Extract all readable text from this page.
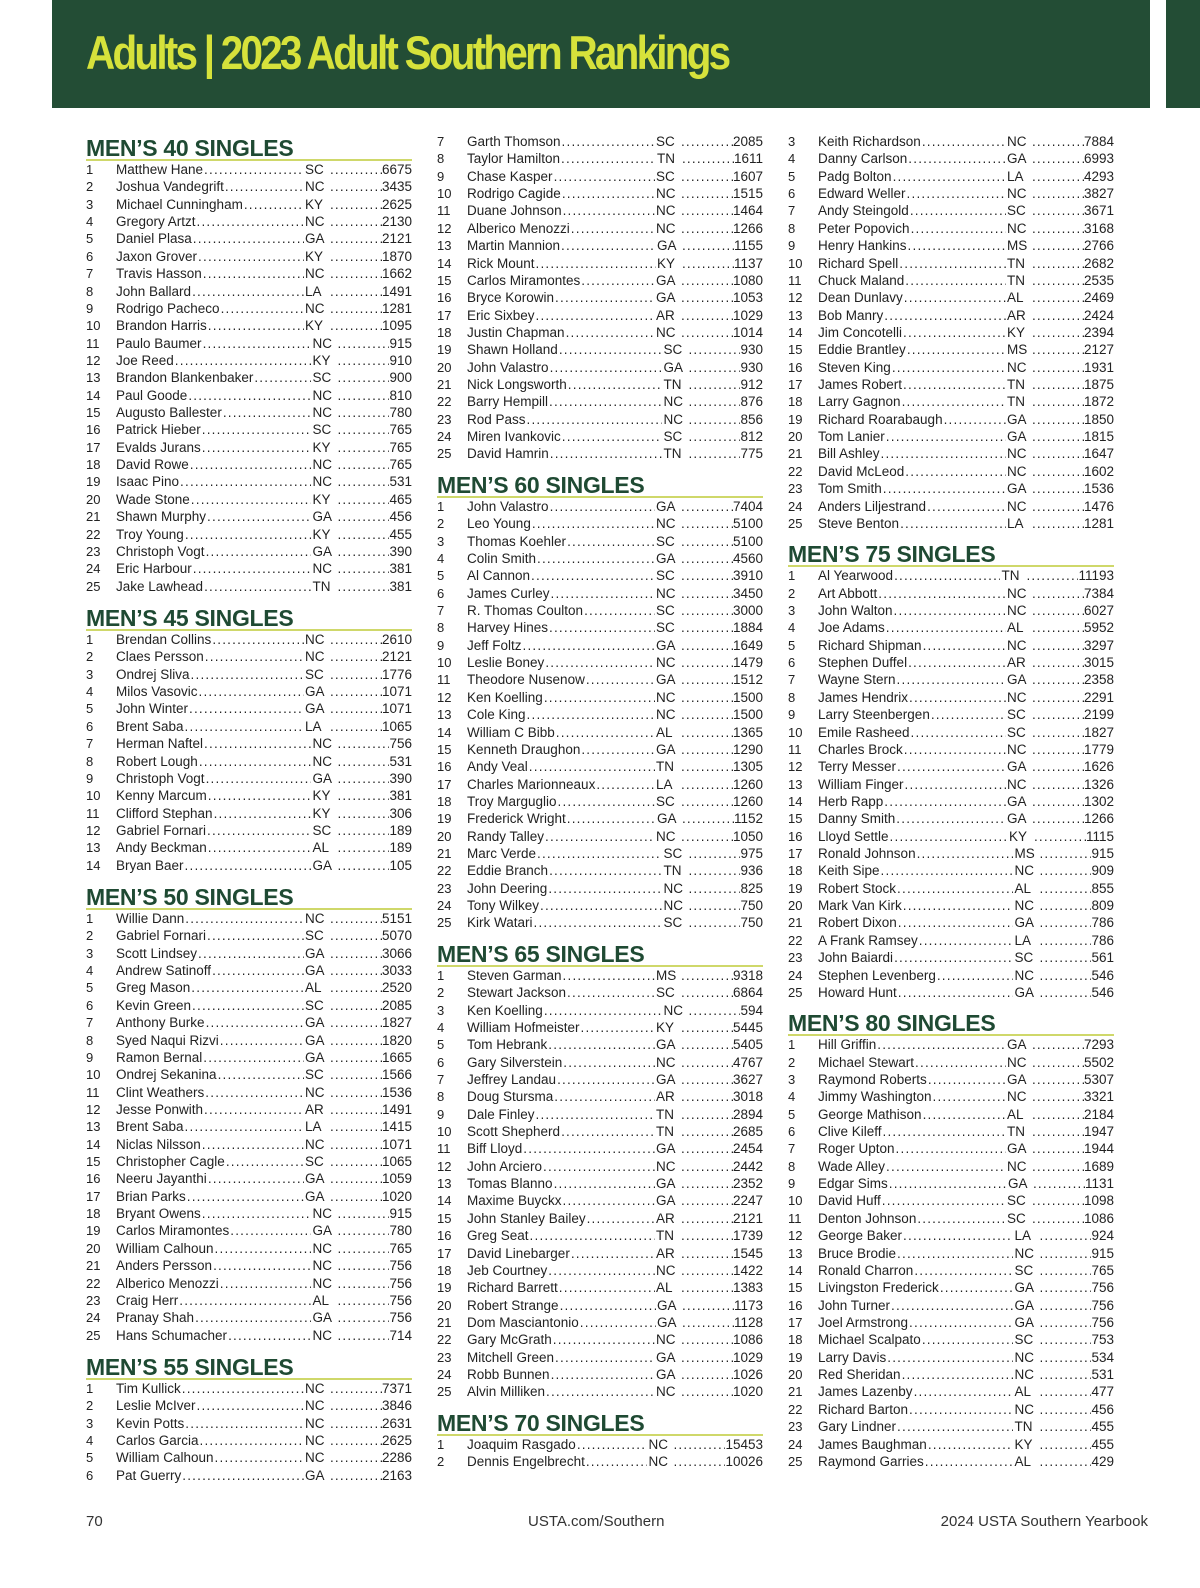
Adults | 2023 Adult Southern Rankings
MEN’S 40 SINGLES
1	Matthew Hane .....	SC .....	6675
2	Joshua Vandegrift .....	NC .....	3435
3	Michael Cunningham .....	KY .....	2625
4	Gregory Artzt .....	NC .....	2130
5	Daniel Plasa .....	GA .....	2121
6	Jaxon Grover .....	KY .....	1870
7	Travis Hasson .....	NC .....	1662
8	John Ballard .....	LA .....	1491
9	Rodrigo Pacheco .....	NC .....	1281
10	Brandon Harris .....	KY .....	1095
11	Paulo Baumer .....	NC .....	915
12	Joe Reed .....	KY .....	910
13	Brandon Blankenbaker .....	SC .....	900
14	Paul Goode .....	NC .....	810
15	Augusto Ballester .....	NC .....	780
16	Patrick Hieber .....	SC .....	765
17	Evalds Jurans .....	KY .....	765
18	David Rowe .....	NC .....	765
19	Isaac Pino .....	NC .....	531
20	Wade Stone .....	KY .....	465
21	Shawn Murphy .....	GA .....	456
22	Troy Young .....	KY .....	455
23	Christoph Vogt .....	GA .....	390
24	Eric Harbour .....	NC .....	381
25	Jake Lawhead .....	TN .....	381
MEN’S 45 SINGLES
1	Brendan Collins .....	NC .....	2610
2	Claes Persson .....	NC .....	2121
3	Ondrej Sliva .....	SC .....	1776
4	Milos Vasovic .....	GA .....	1071
5	John Winter .....	GA .....	1071
6	Brent Saba .....	LA .....	1065
7	Herman Naftel .....	NC .....	756
8	Robert Lough .....	NC .....	531
9	Christoph Vogt .....	GA .....	390
10	Kenny Marcum .....	KY .....	381
11	Clifford Stephan .....	KY .....	306
12	Gabriel Fornari .....	SC .....	189
13	Andy Beckman .....	AL .....	189
14	Bryan Baer .....	GA .....	105
MEN’S 50 SINGLES
1	Willie Dann .....	NC .....	5151
2	Gabriel Fornari .....	SC .....	5070
3	Scott Lindsey .....	GA .....	3066
4	Andrew Satinoff .....	GA .....	3033
5	Greg Mason .....	AL .....	2520
6	Kevin Green .....	SC .....	2085
7	Anthony Burke .....	GA .....	1827
8	Syed Naqui Rizvi .....	GA .....	1820
9	Ramon Bernal .....	GA .....	1665
10	Ondrej Sekanina .....	SC .....	1566
11	Clint Weathers .....	NC .....	1536
12	Jesse Ponwith .....	AR .....	1491
13	Brent Saba .....	LA .....	1415
14	Niclas Nilsson .....	NC .....	1071
15	Christopher Cagle .....	SC .....	1065
16	Neeru Jayanthi .....	GA .....	1059
17	Brian Parks .....	GA .....	1020
18	Bryant Owens .....	NC .....	915
19	Carlos Miramontes .....	GA .....	780
20	William Calhoun .....	NC .....	765
21	Anders Persson .....	NC .....	756
22	Alberico Menozzi .....	NC .....	756
23	Craig Herr .....	AL .....	756
24	Pranay Shah .....	GA .....	756
25	Hans Schumacher .....	NC .....	714
MEN’S 55 SINGLES
1	Tim Kullick .....	NC .....	7371
2	Leslie McIver .....	NC .....	3846
3	Kevin Potts .....	NC .....	2631
4	Carlos Garcia .....	NC .....	2625
5	William Calhoun .....	NC .....	2286
6	Pat Guerry .....	GA .....	2163
7	Garth Thomson .....	SC .....	2085
8	Taylor Hamilton .....	TN .....	1611
9	Chase Kasper .....	SC .....	1607
10	Rodrigo Cagide .....	NC .....	1515
11	Duane Johnson .....	NC .....	1464
12	Alberico Menozzi .....	NC .....	1266
13	Martin Mannion .....	GA .....	1155
14	Rick Mount .....	KY .....	1137
15	Carlos Miramontes .....	GA .....	1080
16	Bryce Korowin .....	GA .....	1053
17	Eric Sixbey .....	AR .....	1029
18	Justin Chapman .....	NC .....	1014
19	Shawn Holland .....	SC .....	930
20	John Valastro .....	GA .....	930
21	Nick Longsworth .....	TN .....	912
22	Barry Hempill .....	NC .....	876
23	Rod Pass .....	NC .....	856
24	Miren Ivankovic .....	SC .....	812
25	David Hamrin .....	TN .....	775
MEN’S 60 SINGLES
1	John Valastro .....	GA .....	7404
2	Leo Young .....	NC .....	5100
3	Thomas Koehler .....	SC .....	5100
4	Colin Smith .....	GA .....	4560
5	Al Cannon .....	SC .....	3910
6	James Curley .....	NC .....	3450
7	R. Thomas Coulton .....	SC .....	3000
8	Harvey Hines .....	SC .....	1884
9	Jeff Foltz .....	GA .....	1649
10	Leslie Boney .....	NC .....	1479
11	Theodore Nusenow .....	GA .....	1512
12	Ken Koelling .....	NC .....	1500
13	Cole King .....	NC .....	1500
14	William C Bibb .....	AL .....	1365
15	Kenneth Draughon .....	GA .....	1290
16	Andy Veal .....	TN .....	1305
17	Charles Marionneaux .....	LA .....	1260
18	Troy Marguglio .....	SC .....	1260
19	Frederick Wright .....	GA .....	1152
20	Randy Talley .....	NC .....	1050
21	Marc Verde .....	SC .....	975
22	Eddie Branch .....	TN .....	936
23	John Deering .....	NC .....	825
24	Tony Wilkey .....	NC .....	750
25	Kirk Watari .....	SC .....	750
MEN’S 65 SINGLES
1	Steven Garman .....	MS .....	9318
2	Stewart Jackson .....	SC .....	6864
3	Ken Koelling .....	NC .....	594
4	William Hofmeister .....	KY .....	5445
5	Tom Hebrank .....	GA .....	5405
6	Gary Silverstein .....	NC .....	4767
7	Jeffrey Landau .....	GA .....	3627
8	Doug Stursma .....	AR .....	3018
9	Dale Finley .....	TN .....	2894
10	Scott Shepherd .....	TN .....	2685
11	Biff Lloyd .....	GA .....	2454
12	John Arciero .....	NC .....	2442
13	Tomas Blanno .....	GA .....	2352
14	Maxime Buyckx .....	GA .....	2247
15	John Stanley Bailey .....	AR .....	2121
16	Greg Seat .....	TN .....	1739
17	David Linebarger .....	AR .....	1545
18	Jeb Courtney .....	NC .....	1422
19	Richard Barrett .....	AL .....	1383
20	Robert Strange .....	GA .....	1173
21	Dom Masciantonio .....	GA .....	1128
22	Gary McGrath .....	NC .....	1086
23	Mitchell Green .....	GA .....	1029
24	Robb Bunnen .....	GA .....	1026
25	Alvin Milliken .....	NC .....	1020
MEN’S 70 SINGLES
1	Joaquim Rasgado .....	NC .....	15453
2	Dennis Engelbrecht .....	NC .....	10026
3	Keith Richardson .....	NC .....	7884
4	Danny Carlson .....	GA .....	6993
5	Padg Bolton .....	LA .....	4293
6	Edward Weller .....	NC .....	3827
7	Andy Steingold .....	SC .....	3671
8	Peter Popovich .....	NC .....	3168
9	Henry Hankins .....	MS .....	2766
10	Richard Spell .....	TN .....	2682
11	Chuck Maland .....	TN .....	2535
12	Dean Dunlavy .....	AL .....	2469
13	Bob Manry .....	AR .....	2424
14	Jim Concotelli .....	KY .....	2394
15	Eddie Brantley .....	MS .....	2127
16	Steven King .....	NC .....	1931
17	James Robert .....	TN .....	1875
18	Larry Gagnon .....	TN .....	1872
19	Richard Roarabaugh .....	GA .....	1850
20	Tom Lanier .....	GA .....	1815
21	Bill Ashley .....	NC .....	1647
22	David McLeod .....	NC .....	1602
23	Tom Smith .....	GA .....	1536
24	Anders Liljestrand .....	NC .....	1476
25	Steve Benton .....	LA .....	1281
MEN’S 75 SINGLES
1	Al Yearwood .....	TN .....	11193
2	Art Abbott .....	NC .....	7384
3	John Walton .....	NC .....	6027
4	Joe Adams .....	AL .....	5952
5	Richard Shipman .....	NC .....	3297
6	Stephen Duffel .....	AR .....	3015
7	Wayne Stern .....	GA .....	2358
8	James Hendrix .....	NC .....	2291
9	Larry Steenbergen .....	SC .....	2199
10	Emile Rasheed .....	SC .....	1827
11	Charles Brock .....	NC .....	1779
12	Terry Messer .....	GA .....	1626
13	William Finger .....	NC .....	1326
14	Herb Rapp .....	GA .....	1302
15	Danny Smith .....	GA .....	1266
16	Lloyd Settle .....	KY .....	1115
17	Ronald Johnson .....	MS .....	915
18	Keith Sipe .....	NC .....	909
19	Robert Stock .....	AL .....	855
20	Mark Van Kirk .....	NC .....	809
21	Robert Dixon .....	GA .....	786
22	A Frank Ramsey .....	LA .....	786
23	John Baiardi .....	SC .....	561
24	Stephen Levenberg .....	NC .....	546
25	Howard Hunt .....	GA .....	546
MEN’S 80 SINGLES
1	Hill Griffin .....	GA .....	7293
2	Michael Stewart .....	NC .....	5502
3	Raymond Roberts .....	GA .....	5307
4	Jimmy Washington .....	NC .....	3321
5	George Mathison .....	AL .....	2184
6	Clive Kileff .....	TN .....	1947
7	Roger Upton .....	GA .....	1944
8	Wade Alley .....	NC .....	1689
9	Edgar Sims .....	GA .....	1131
10	David Huff .....	SC .....	1098
11	Denton Johnson .....	SC .....	1086
12	George Baker .....	LA .....	924
13	Bruce Brodie .....	NC .....	915
14	Ronald Charron .....	SC .....	765
15	Livingston Frederick .....	GA .....	756
16	John Turner .....	GA .....	756
17	Joel Armstrong .....	GA .....	756
18	Michael Scalpato .....	SC .....	753
19	Larry Davis .....	NC .....	534
20	Red Sheridan .....	NC .....	531
21	James Lazenby .....	AL .....	477
22	Richard Barton .....	NC .....	456
23	Gary Lindner .....	TN .....	455
24	James Baughman .....	KY .....	455
25	Raymond Garries .....	AL .....	429
70	USTA.com/Southern	2024 USTA Southern Yearbook
